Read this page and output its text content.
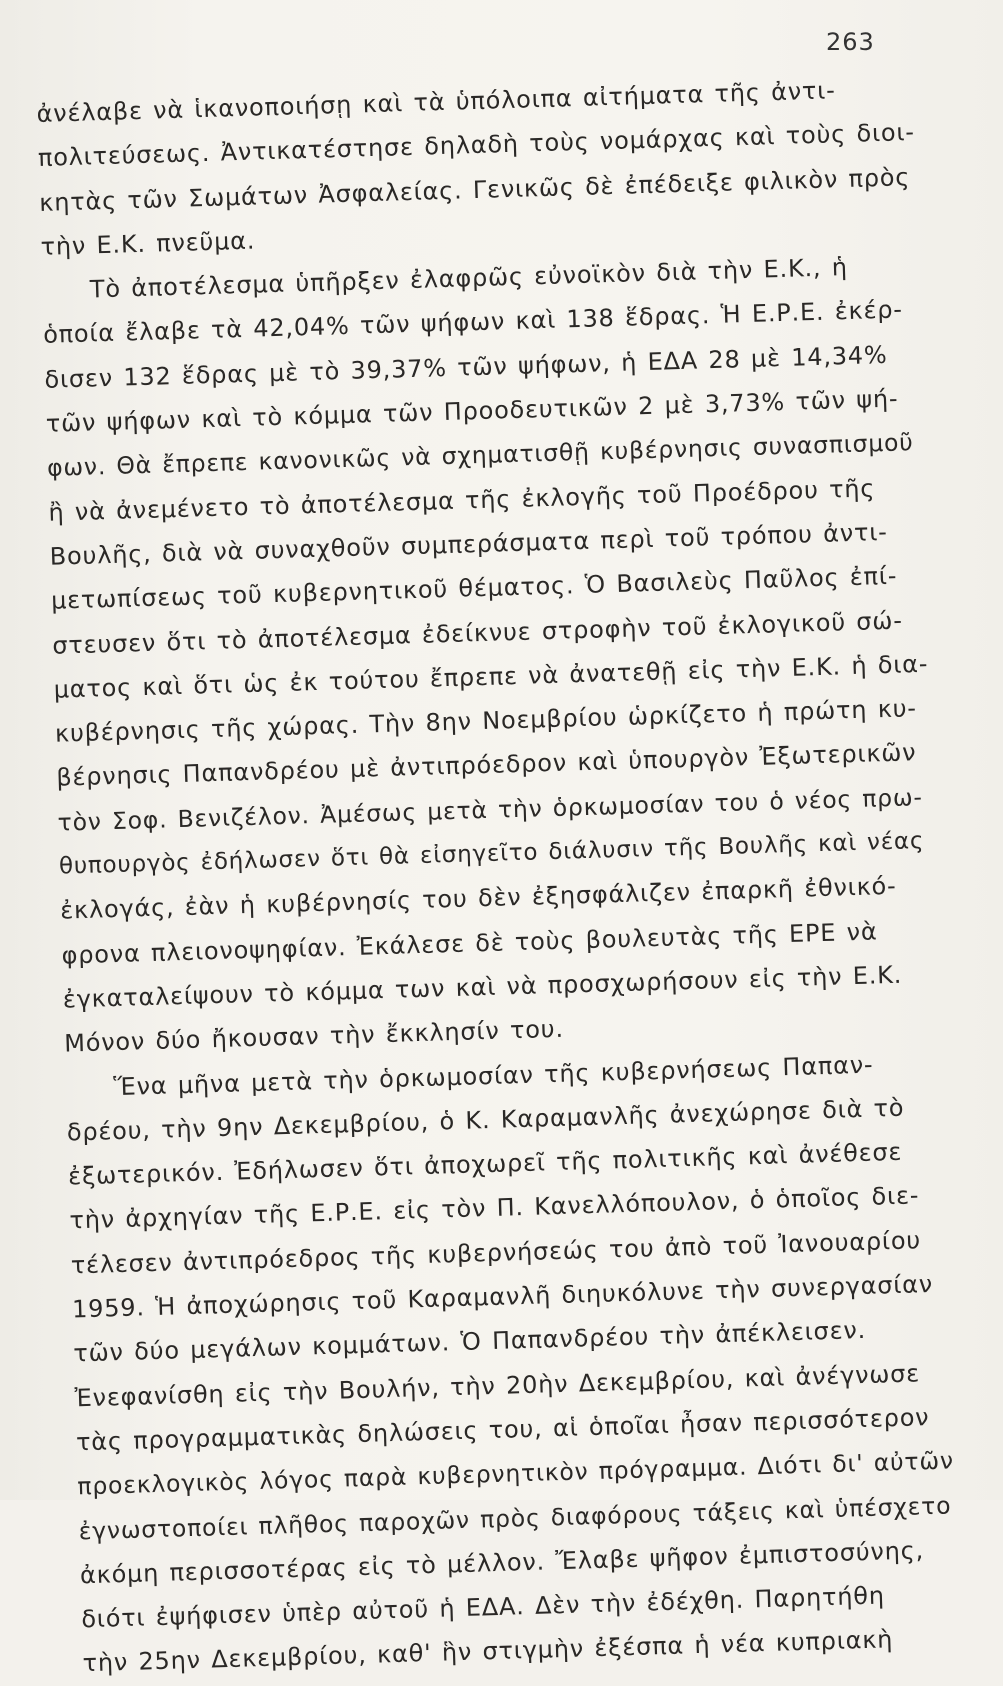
263
ἀνέλαβε νὰ ἱκανοποιήσῃ καὶ τὰ ὑπόλοιπα αἰτήματα τῆς ἀντι-
πολιτεύσεως. Ἀντικατέστησε δηλαδὴ τοὺς νομάρχας καὶ τοὺς διοι-
κητὰς τῶν Σωμάτων Ἀσφαλείας. Γενικῶς δὲ ἐπέδειξε φιλικὸν πρὸς
τὴν Ε.Κ. πνεῦμα.
Τὸ ἀποτέλεσμα ὑπῆρξεν ἐλαφρῶς εὐνοϊκὸν διὰ τὴν Ε.Κ., ἡ
ὁποία ἔλαβε τὰ 42,04% τῶν ψήφων καὶ 138 ἕδρας. Ἡ Ε.Ρ.Ε. ἐκέρ-
δισεν 132 ἕδρας μὲ τὸ 39,37% τῶν ψήφων, ἡ ΕΔΑ 28 μὲ 14,34%
τῶν ψήφων καὶ τὸ κόμμα τῶν Προοδευτικῶν 2 μὲ 3,73% τῶν ψή-
φων. Θὰ ἔπρεπε κανονικῶς νὰ σχηματισθῇ κυβέρνησις συνασπισμοῦ
ἢ νὰ ἀνεμένετο τὸ ἀποτέλεσμα τῆς ἐκλογῆς τοῦ Προέδρου τῆς
Βουλῆς, διὰ νὰ συναχθοῦν συμπεράσματα περὶ τοῦ τρόπου ἀντι-
μετωπίσεως τοῦ κυβερνητικοῦ θέματος. Ὁ Βασιλεὺς Παῦλος ἐπί-
στευσεν ὅτι τὸ ἀποτέλεσμα ἐδείκνυε στροφὴν τοῦ ἐκλογικοῦ σώ-
ματος καὶ ὅτι ὡς ἐκ τούτου ἔπρεπε νὰ ἀνατεθῇ εἰς τὴν Ε.Κ. ἡ δια-
κυβέρνησις τῆς χώρας. Τὴν 8ην Νοεμβρίου ὡρκίζετο ἡ πρώτη κυ-
βέρνησις Παπανδρέου μὲ ἀντιπρόεδρον καὶ ὑπουργὸν Ἐξωτερικῶν
τὸν Σοφ. Βενιζέλον. Ἀμέσως μετὰ τὴν ὁρκωμοσίαν του ὁ νέος πρω-
θυπουργὸς ἐδήλωσεν ὅτι θὰ εἰσηγεῖτο διάλυσιν τῆς Βουλῆς καὶ νέας
ἐκλογάς, ἐὰν ἡ κυβέρνησίς του δὲν ἐξησφάλιζεν ἐπαρκῆ ἐθνικό-
φρονα πλειονοψηφίαν. Ἐκάλεσε δὲ τοὺς βουλευτὰς τῆς ΕΡΕ νὰ
ἐγκαταλείψουν τὸ κόμμα των καὶ νὰ προσχωρήσουν εἰς τὴν Ε.Κ.
Μόνον δύο ἤκουσαν τὴν ἔκκλησίν του.
Ἕνα μῆνα μετὰ τὴν ὁρκωμοσίαν τῆς κυβερνήσεως Παπαν-
δρέου, τὴν 9ην Δεκεμβρίου, ὁ Κ. Καραμανλῆς ἀνεχώρησε διὰ τὸ
ἐξωτερικόν. Ἐδήλωσεν ὅτι ἀποχωρεῖ τῆς πολιτικῆς καὶ ἀνέθεσε
τὴν ἀρχηγίαν τῆς Ε.Ρ.Ε. εἰς τὸν Π. Κανελλόπουλον, ὁ ὁποῖος διε-
τέλεσεν ἀντιπρόεδρος τῆς κυβερνήσεώς του ἀπὸ τοῦ Ἰανουαρίου
1959. Ἡ ἀποχώρησις τοῦ Καραμανλῆ διηυκόλυνε τὴν συνεργασίαν
τῶν δύο μεγάλων κομμάτων. Ὁ Παπανδρέου τὴν ἀπέκλεισεν.
Ἐνεφανίσθη εἰς τὴν Βουλήν, τὴν 20ὴν Δεκεμβρίου, καὶ ἀνέγνωσε
τὰς προγραμματικὰς δηλώσεις του, αἱ ὁποῖαι ἦσαν περισσότερον
προεκλογικὸς λόγος παρὰ κυβερνητικὸν πρόγραμμα. Διότι δι' αὐτῶν
ἐγνωστοποίει πλῆθος παροχῶν πρὸς διαφόρους τάξεις καὶ ὑπέσχετο
ἀκόμη περισσοτέρας εἰς τὸ μέλλον. Ἔλαβε ψῆφον ἐμπιστοσύνης,
διότι ἐψήφισεν ὑπὲρ αὐτοῦ ἡ ΕΔΑ. Δὲν τὴν ἐδέχθη. Παρητήθη
τὴν 25ην Δεκεμβρίου, καθ' ἣν στιγμὴν ἐξέσπα ἡ νέα κυπριακὴ
